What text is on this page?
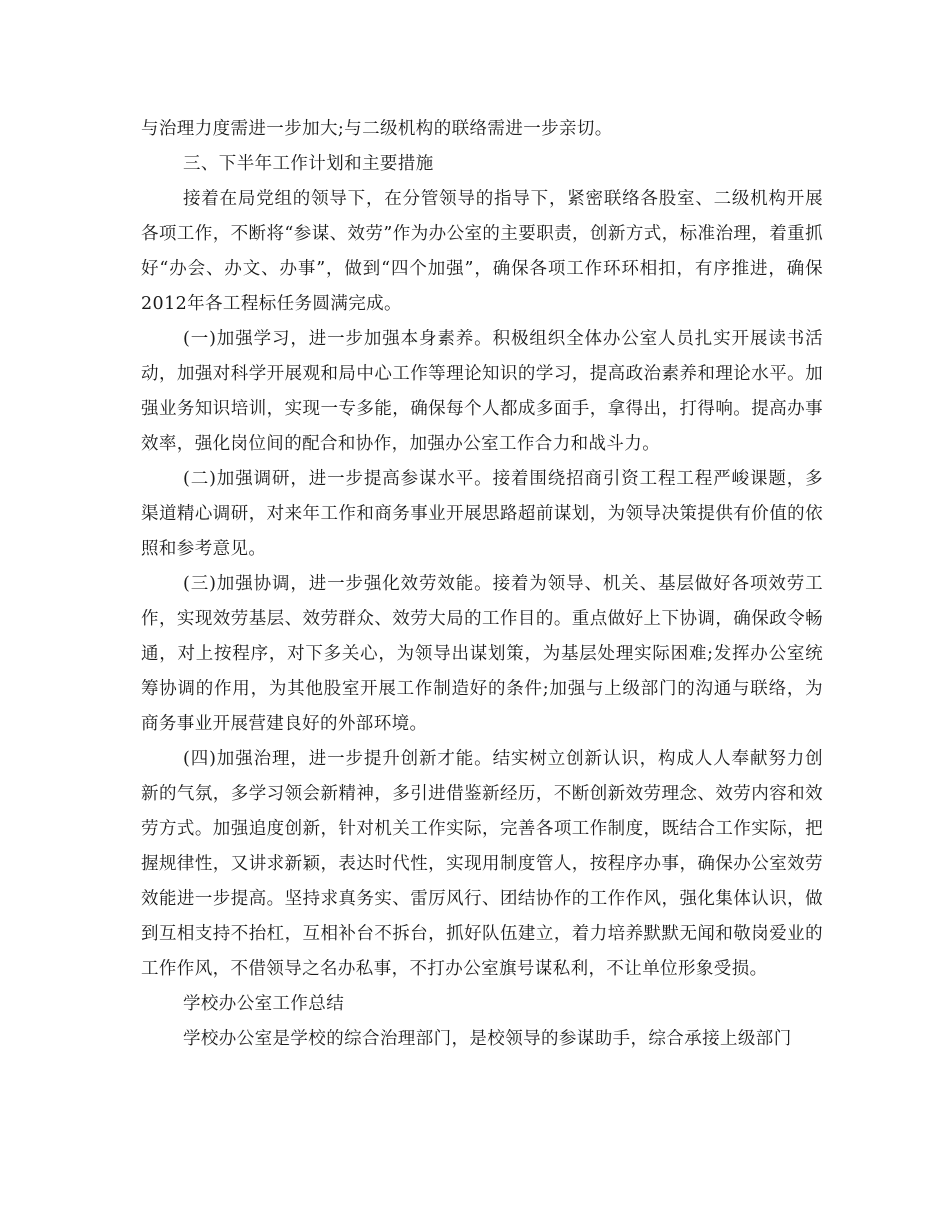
与治理力度需进一步加大;与二级机构的联络需进一步亲切。

三、下半年工作计划和主要措施

接着在局党组的领导下，在分管领导的指导下，紧密联络各股室、二级机构开展各项工作，不断将“参谋、效劳”作为办公室的主要职责，创新方式，标准治理，着重抓好“办会、办文、办事”，做到“四个加强”，确保各项工作环环相扣，有序推进，确保2012年各工程标任务圆满完成。

(一)加强学习，进一步加强本身素养。积极组织全体办公室人员扎实开展读书活动，加强对科学开展观和局中心工作等理论知识的学习，提高政治素养和理论水平。加强业务知识培训，实现一专多能，确保每个人都成多面手，拿得出，打得响。提高办事效率，强化岗位间的配合和协作，加强办公室工作合力和战斗力。

(二)加强调研，进一步提高参谋水平。接着围绕招商引资工程工程严峻课题，多渠道精心调研，对来年工作和商务事业开展思路超前谋划，为领导决策提供有价值的依照和参考意见。

(三)加强协调，进一步强化效劳效能。接着为领导、机关、基层做好各项效劳工作，实现效劳基层、效劳群众、效劳大局的工作目的。重点做好上下协调，确保政令畅通，对上按程序，对下多关心，为领导出谋划策，为基层处理实际困难;发挥办公室统筹协调的作用，为其他股室开展工作制造好的条件;加强与上级部门的沟通与联络，为商务事业开展营建良好的外部环境。

(四)加强治理，进一步提升创新才能。结实树立创新认识，构成人人奉献努力创新的气氛，多学习领会新精神，多引进借鉴新经历，不断创新效劳理念、效劳内容和效劳方式。加强追度创新，针对机关工作实际，完善各项工作制度，既结合工作实际，把握规律性，又讲求新颖，表达时代性，实现用制度管人，按程序办事，确保办公室效劳效能进一步提高。坚持求真务实、雷厉风行、团结协作的工作作风，强化集体认识，做到互相支持不抬杠，互相补台不拆台，抓好队伍建立，着力培养默默无闻和敬岗爱业的工作作风，不借领导之名办私事，不打办公室旗号谋私利，不让单位形象受损。

学校办公室工作总结

学校办公室是学校的综合治理部门，是校领导的参谋助手，综合承接上级部门
